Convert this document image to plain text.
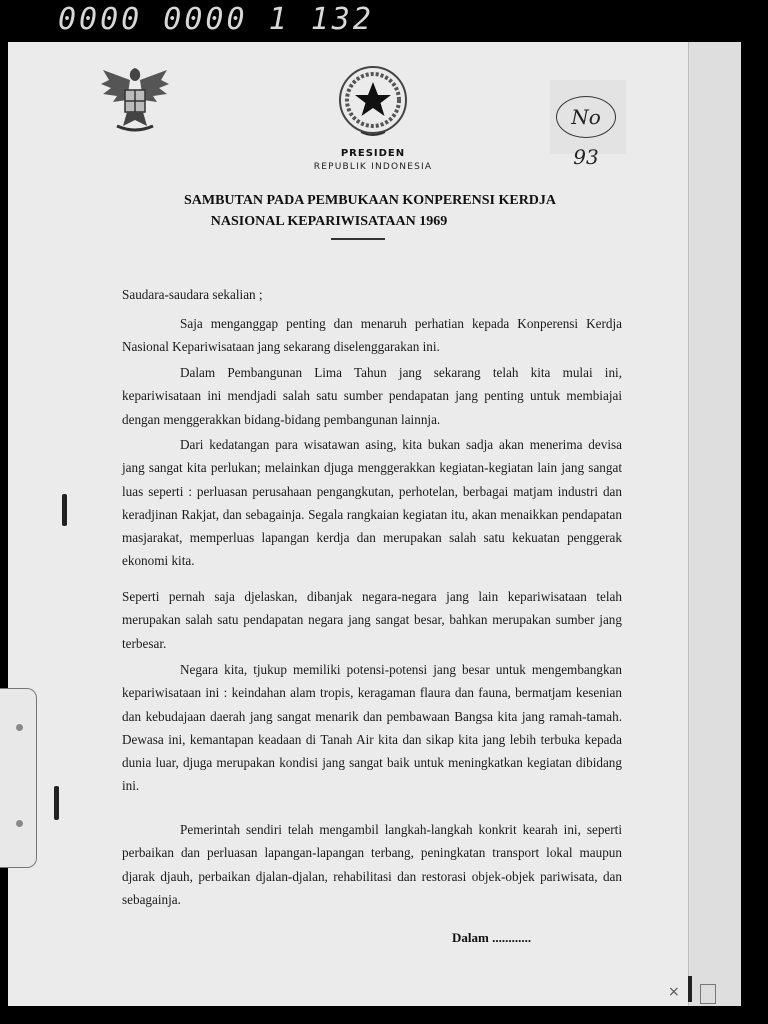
0000 0000 1 132
No 93
PRESIDEN
REPUBLIK INDONESIA
SAMBUTAN PADA PEMBUKAAN KONPERENSI KERDJA
NASIONAL KEPARIWISATAAN 1969
Saudara-saudara sekalian ;
Saja menganggap penting dan menaruh perhatian kepada Konperensi Kerdja Nasional Kepariwisataan jang sekarang diselenggarakan ini.
Dalam Pembangunan Lima Tahun jang sekarang telah kita mulai ini, kepariwisataan ini mendjadi salah satu sumber pendapatan jang penting untuk membiajai dengan menggerakkan bidang-bidang pembangunan lainnja.
Dari kedatangan para wisatawan asing, kita bukan sadja akan menerima devisa jang sangat kita perlukan; melainkan djuga menggerakkan kegiatan-kegiatan lain jang sangat luas seperti : perluasan perusahaan pengangkutan, perhotelan, berbagai matjam industri dan keradjinan Rakjat, dan sebagainja. Segala rangkaian kegiatan itu, akan menaikkan pendapatan masjarakat, memperluas lapangan kerdja dan merupakan salah satu kekuatan penggerak ekonomi kita.
Seperti pernah saja djelaskan, dibanjak negara-negara jang lain kepariwisataan telah merupakan salah satu pendapatan negara jang sangat besar, bahkan merupakan sumber jang terbesar.
Negara kita, tjukup memiliki potensi-potensi jang besar untuk mengembangkan kepariwisataan ini : keindahan alam tropis, keragaman flaura dan fauna, bermatjam kesenian dan kebudajaan daerah jang sangat menarik dan pembawaan Bangsa kita jang ramah-tamah. Dewasa ini, kemantapan keadaan di Tanah Air kita dan sikap kita jang lebih terbuka kepada dunia luar, djuga merupakan kondisi jang sangat baik untuk meningkatkan kegiatan dibidang ini.
Pemerintah sendiri telah mengambil langkah-langkah konkrit kearah ini, seperti perbaikan dan perluasan lapangan-lapangan terbang, peningkatan transport lokal maupun djarak djauh, perbaikan djalan-djalan, rehabilitasi dan restorasi objek-objek pariwisata, dan sebagainja.
Dalam ............
×
